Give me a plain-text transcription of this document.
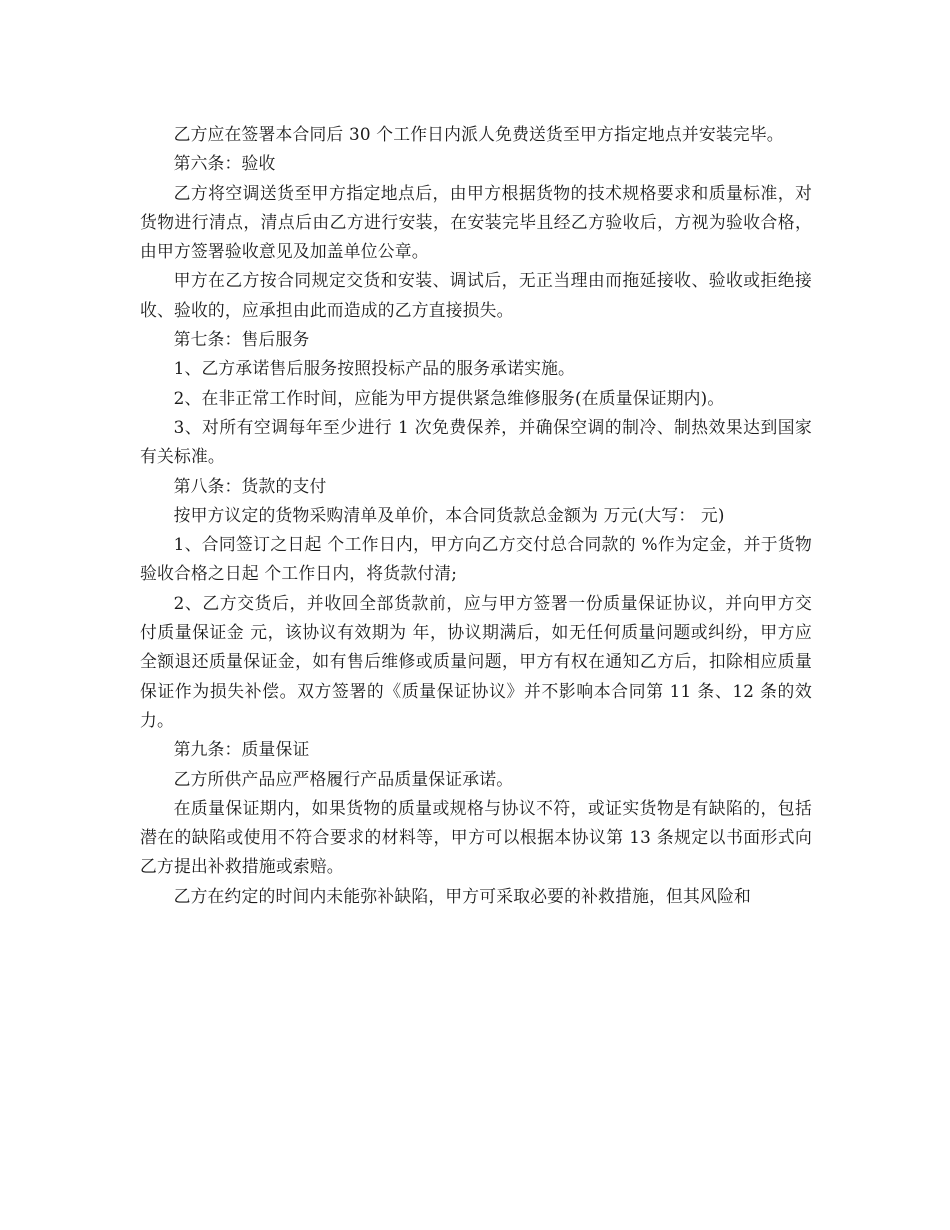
乙方应在签署本合同后 30 个工作日内派人免费送货至甲方指定地点并安装完毕。

第六条：验收

乙方将空调送货至甲方指定地点后，由甲方根据货物的技术规格要求和质量标准，对货物进行清点，清点后由乙方进行安装，在安装完毕且经乙方验收后，方视为验收合格，由甲方签署验收意见及加盖单位公章。

甲方在乙方按合同规定交货和安装、调试后，无正当理由而拖延接收、验收或拒绝接收、验收的，应承担由此而造成的乙方直接损失。

第七条：售后服务

1、乙方承诺售后服务按照投标产品的服务承诺实施。

2、在非正常工作时间，应能为甲方提供紧急维修服务(在质量保证期内)。

3、对所有空调每年至少进行 1 次免费保养，并确保空调的制冷、制热效果达到国家有关标准。

第八条：货款的支付

按甲方议定的货物采购清单及单价，本合同货款总金额为 万元(大写： 元)

1、合同签订之日起 个工作日内，甲方向乙方交付总合同款的 %作为定金，并于货物验收合格之日起 个工作日内，将货款付清;

2、乙方交货后，并收回全部货款前，应与甲方签署一份质量保证协议，并向甲方交付质量保证金 元，该协议有效期为 年，协议期满后，如无任何质量问题或纠纷，甲方应全额退还质量保证金，如有售后维修或质量问题，甲方有权在通知乙方后，扣除相应质量保证作为损失补偿。双方签署的《质量保证协议》并不影响本合同第 11 条、12 条的效力。

第九条：质量保证

乙方所供产品应严格履行产品质量保证承诺。

在质量保证期内，如果货物的质量或规格与协议不符，或证实货物是有缺陷的，包括潜在的缺陷或使用不符合要求的材料等，甲方可以根据本协议第 13 条规定以书面形式向乙方提出补救措施或索赔。

乙方在约定的时间内未能弥补缺陷，甲方可采取必要的补救措施，但其风险和
